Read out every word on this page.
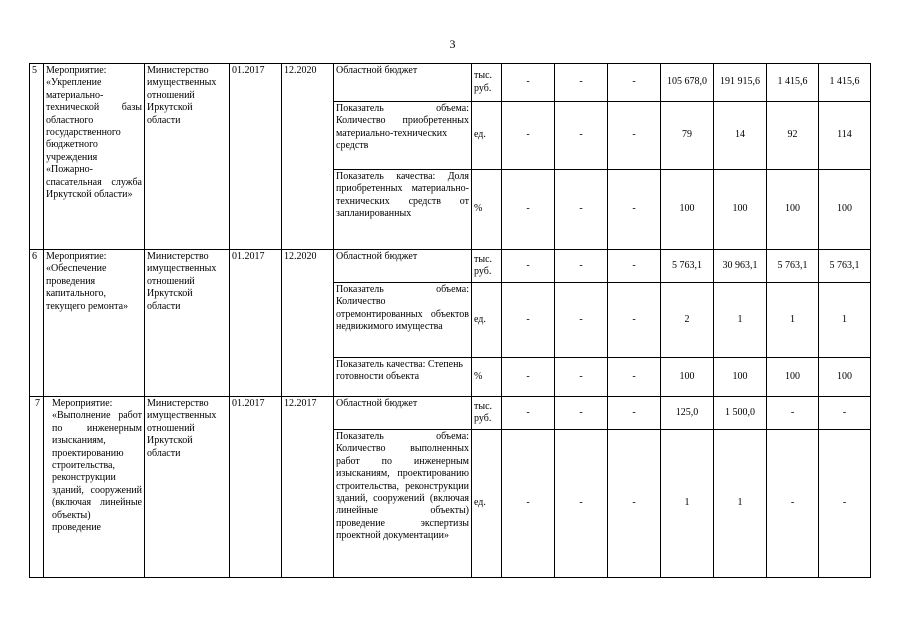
3
5	Мероприятие: «Укрепление материально-технической базы областного государственного бюджетного учреждения «Пожарно-спасательная служба Иркутской области»	Министерство имущественных отношений Иркутской области	01.2017	12.2020	Областной бюджет	тыс. руб.	-	-	-	105 678,0	191 915,6	1 415,6	1 415,6
					Показатель объема: Количество приобретенных материально-технических средств	ед.	-	-	-	79	14	92	114
					Показатель качества: Доля приобретенных материально-технических средств от запланированных	%	-	-	-	100	100	100	100
6	Мероприятие: «Обеспечение проведения капитального, текущего ремонта»	Министерство имущественных отношений Иркутской области	01.2017	12.2020	Областной бюджет	тыс. руб.	-	-	-	5 763,1	30 963,1	5 763,1	5 763,1
					Показатель объема: Количество отремонтированных объектов недвижимого имущества	ед.	-	-	-	2	1	1	1
					Показатель качества: Степень готовности объекта	%	-	-	-	100	100	100	100
7	Мероприятие: «Выполнение работ по инженерным изысканиям, проектированию строительства, реконструкции зданий, сооружений (включая линейные объекты) проведение	Министерство имущественных отношений Иркутской области	01.2017	12.2017	Областной бюджет	тыс. руб.	-	-	-	125,0	1 500,0	-	-
					Показатель объема: Количество выполненных работ по инженерным изысканиям, проектированию строительства, реконструкции зданий, сооружений (включая линейные объекты) проведение экспертизы проектной документации»	ед.	-	-	-	1	1	-	-
